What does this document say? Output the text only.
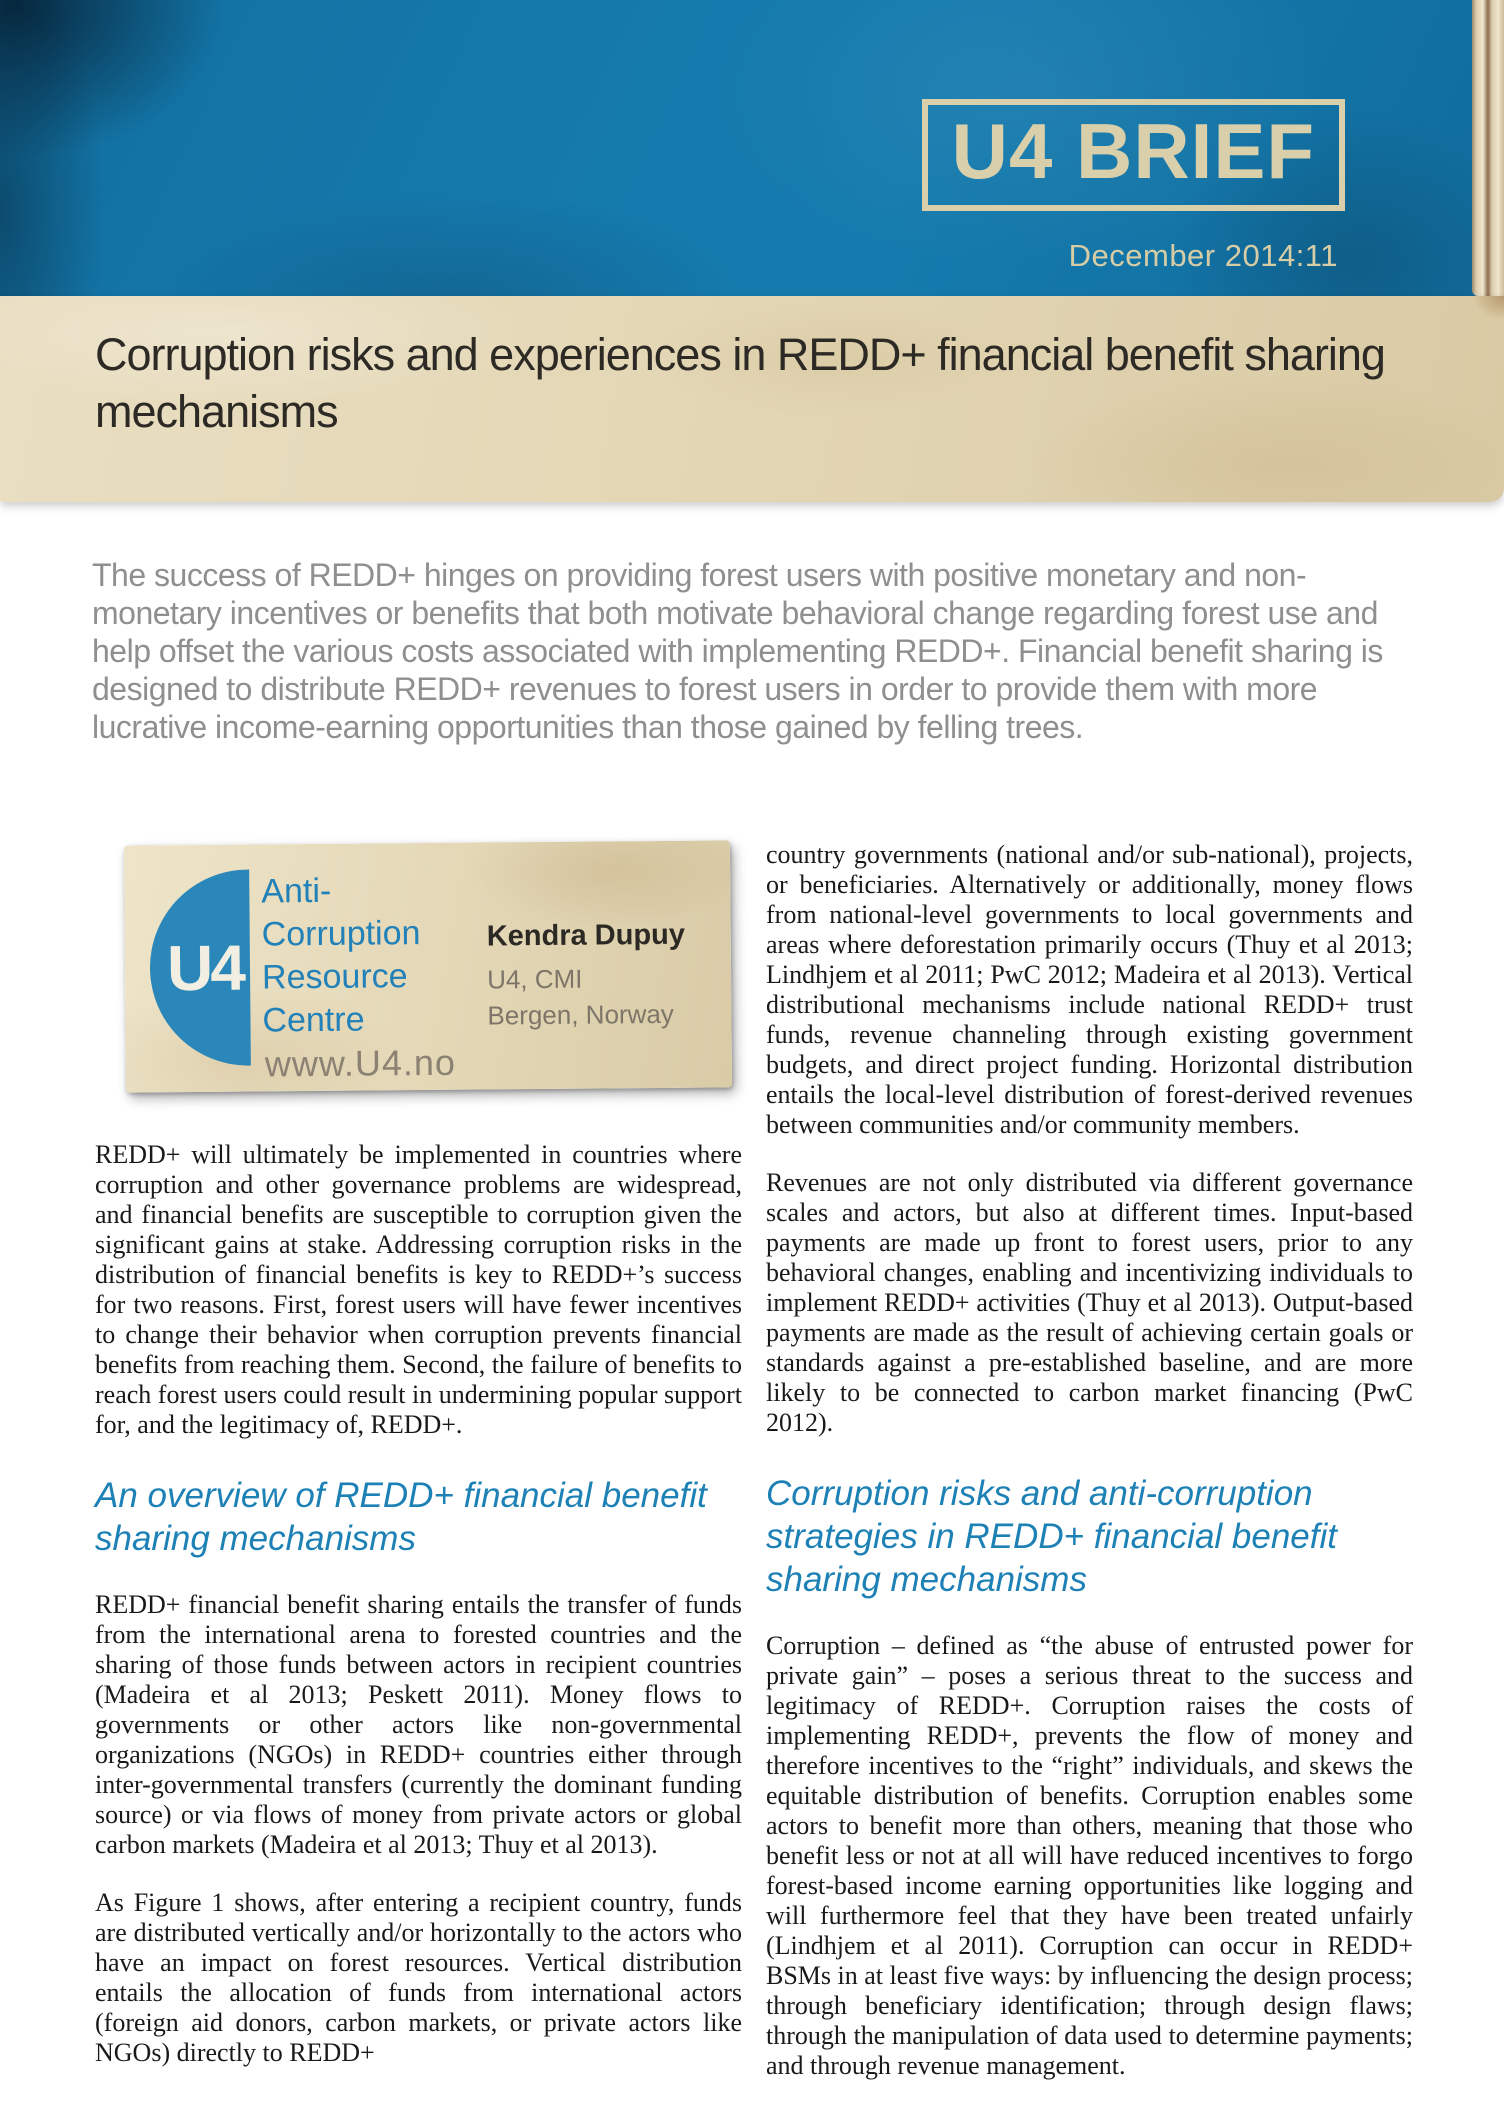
U4 BRIEF
December 2014:11
Corruption risks and experiences in REDD+ financial benefit sharing mechanisms

The success of REDD+ hinges on providing forest users with positive monetary and non-monetary incentives or benefits that both motivate behavioral change regarding forest use and help offset the various costs associated with implementing REDD+. Financial benefit sharing is designed to distribute REDD+ revenues to forest users in order to provide them with more lucrative income-earning opportunities than those gained by felling trees.

U4
Anti-
Corruption
Resource
Centre
www.U4.no
Kendra Dupuy
U4, CMI
Bergen, Norway

REDD+ will ultimately be implemented in countries where corruption and other governance problems are widespread, and financial benefits are susceptible to corruption given the significant gains at stake. Addressing corruption risks in the distribution of financial benefits is key to REDD+’s success for two reasons. First, forest users will have fewer incentives to change their behavior when corruption prevents financial benefits from reaching them. Second, the failure of benefits to reach forest users could result in undermining popular support for, and the legitimacy of, REDD+.

An overview of REDD+ financial benefit sharing mechanisms

REDD+ financial benefit sharing entails the transfer of funds from the international arena to forested countries and the sharing of those funds between actors in recipient countries (Madeira et al 2013; Peskett 2011). Money flows to governments or other actors like non-governmental organizations (NGOs) in REDD+ countries either through inter-governmental transfers (currently the dominant funding source) or via flows of money from private actors or global carbon markets (Madeira et al 2013; Thuy et al 2013).

As Figure 1 shows, after entering a recipient country, funds are distributed vertically and/or horizontally to the actors who have an impact on forest resources. Vertical distribution entails the allocation of funds from international actors (foreign aid donors, carbon markets, or private actors like NGOs) directly to REDD+

country governments (national and/or sub-national), projects, or beneficiaries. Alternatively or additionally, money flows from national-level governments to local governments and areas where deforestation primarily occurs (Thuy et al 2013; Lindhjem et al 2011; PwC 2012; Madeira et al 2013). Vertical distributional mechanisms include national REDD+ trust funds, revenue channeling through existing government budgets, and direct project funding. Horizontal distribution entails the local-level distribution of forest-derived revenues between communities and/or community members.

Revenues are not only distributed via different governance scales and actors, but also at different times. Input-based payments are made up front to forest users, prior to any behavioral changes, enabling and incentivizing individuals to implement REDD+ activities (Thuy et al 2013). Output-based payments are made as the result of achieving certain goals or standards against a pre-established baseline, and are more likely to be connected to carbon market financing (PwC 2012).

Corruption risks and anti-corruption strategies in REDD+ financial benefit sharing mechanisms

Corruption – defined as “the abuse of entrusted power for private gain” – poses a serious threat to the success and legitimacy of REDD+. Corruption raises the costs of implementing REDD+, prevents the flow of money and therefore incentives to the “right” individuals, and skews the equitable distribution of benefits. Corruption enables some actors to benefit more than others, meaning that those who benefit less or not at all will have reduced incentives to forgo forest-based income earning opportunities like logging and will furthermore feel that they have been treated unfairly (Lindhjem et al 2011). Corruption can occur in REDD+ BSMs in at least five ways: by influencing the design process; through beneficiary identification; through design flaws; through the manipulation of data used to determine payments; and through revenue management.
